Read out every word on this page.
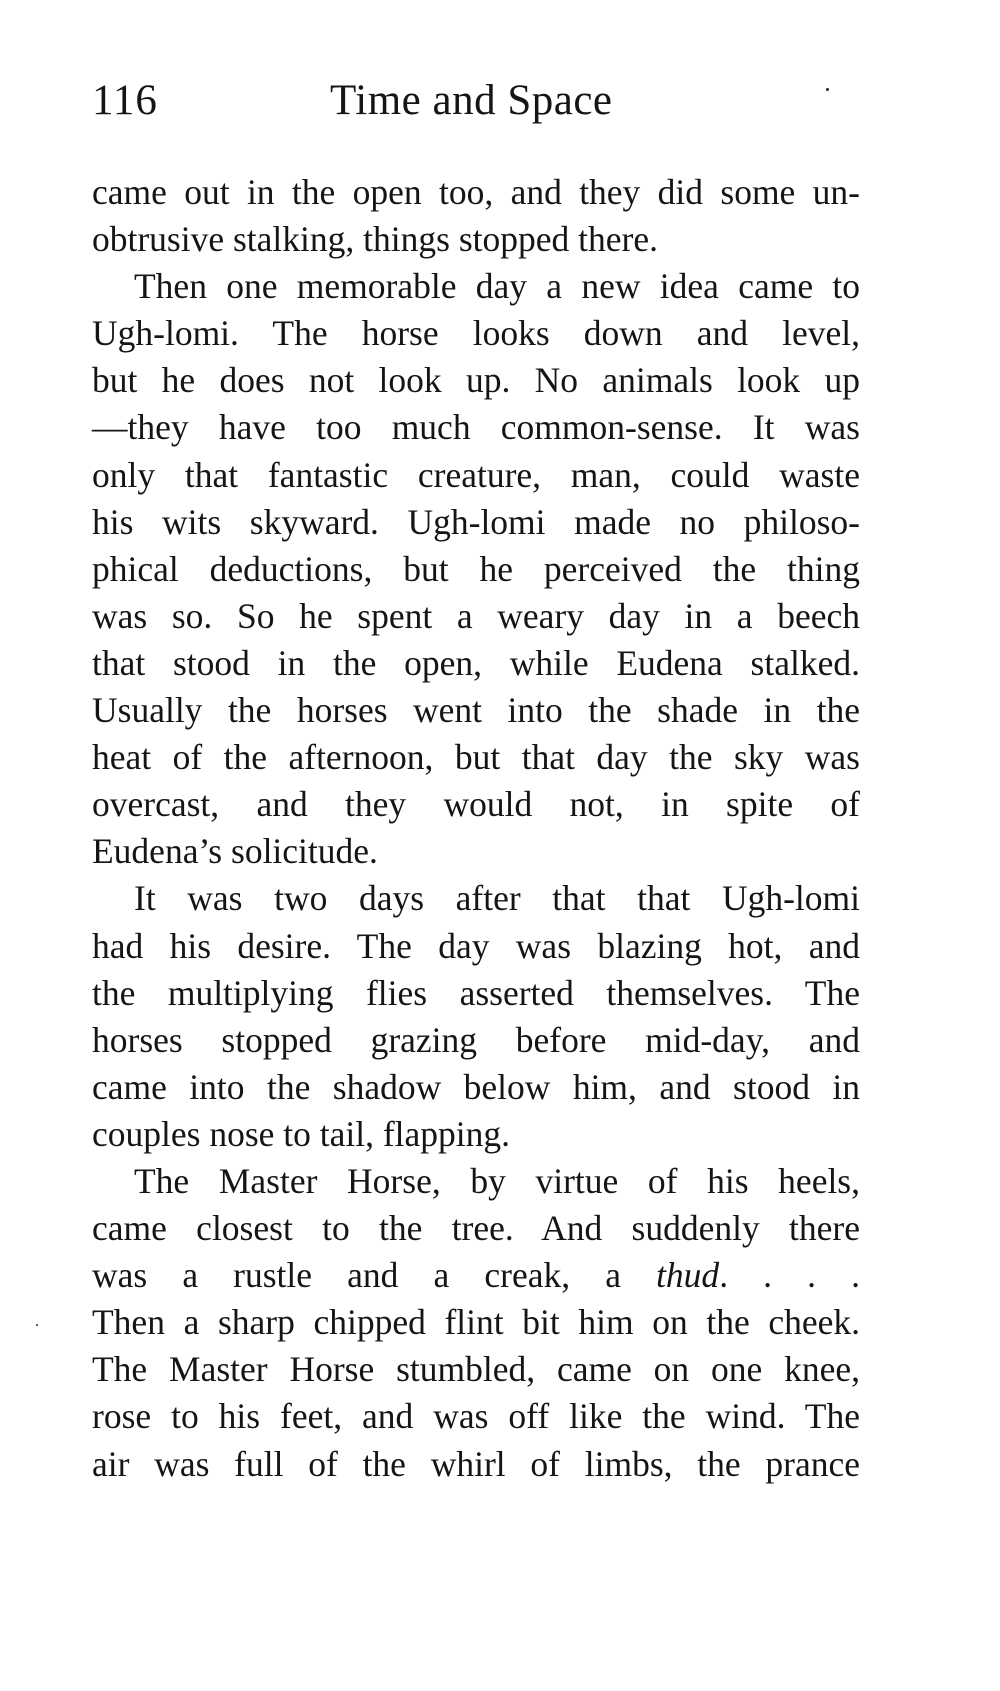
116	Time and Space
came out in the open too, and they did some un-
obtrusive stalking, things stopped there.
Then one memorable day a new idea came to
Ugh-lomi. The horse looks down and level,
but he does not look up. No animals look up
—they have too much common-sense. It was
only that fantastic creature, man, could waste
his wits skyward. Ugh-lomi made no philoso-
phical deductions, but he perceived the thing
was so. So he spent a weary day in a beech
that stood in the open, while Eudena stalked.
Usually the horses went into the shade in the
heat of the afternoon, but that day the sky was
overcast, and they would not, in spite of
Eudena’s solicitude.
It was two days after that that Ugh-lomi
had his desire. The day was blazing hot, and
the multiplying flies asserted themselves. The
horses stopped grazing before mid-day, and
came into the shadow below him, and stood in
couples nose to tail, flapping.
The Master Horse, by virtue of his heels,
came closest to the tree. And suddenly there
was a rustle and a creak, a thud. . . .
Then a sharp chipped flint bit him on the cheek.
The Master Horse stumbled, came on one knee,
rose to his feet, and was off like the wind. The
air was full of the whirl of limbs, the prance
